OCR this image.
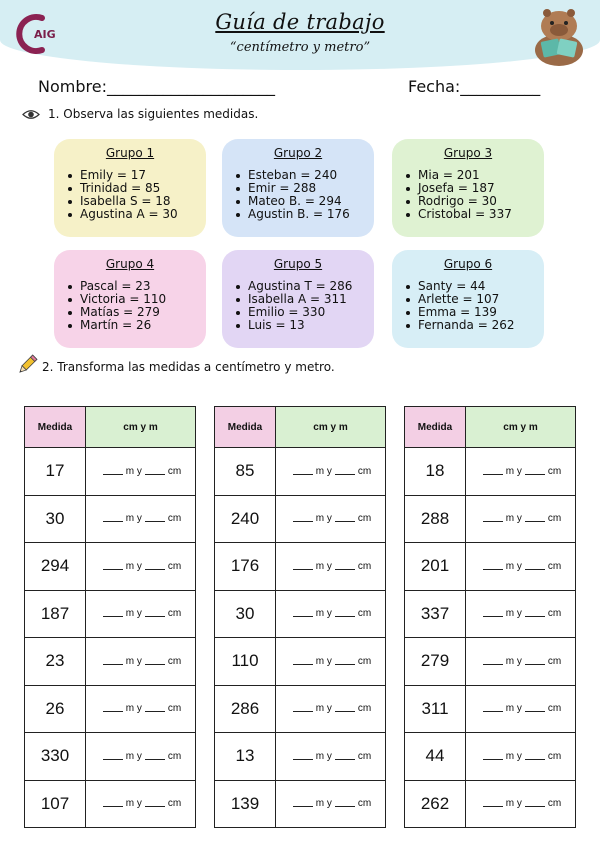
AIG
Guía de trabajo
“centímetro y metro”
Nombre:_____________________	Fecha:__________
1. Observa las siguientes medidas.
Grupo 1
Emily = 17
Trinidad = 85
Isabella S = 18
Agustina A = 30
Grupo 2
Esteban = 240
Emir = 288
Mateo B. = 294
Agustin B. = 176
Grupo 3
Mia = 201
Josefa = 187
Rodrigo = 30
Cristobal = 337
Grupo 4
Pascal = 23
Victoria = 110
Matías = 279
Martín = 26
Grupo 5
Agustina T = 286
Isabella A = 311
Emilio = 330
Luis = 13
Grupo 6
Santy = 44
Arlette = 107
Emma = 139
Fernanda = 262
2. Transforma las medidas a centímetro y metro.
Medida	cm y m
17	m y cm
30	m y cm
294	m y cm
187	m y cm
23	m y cm
26	m y cm
330	m y cm
107	m y cm
Medida	cm y m
85	m y cm
240	m y cm
176	m y cm
30	m y cm
110	m y cm
286	m y cm
13	m y cm
139	m y cm
Medida	cm y m
18	m y cm
288	m y cm
201	m y cm
337	m y cm
279	m y cm
311	m y cm
44	m y cm
262	m y cm
